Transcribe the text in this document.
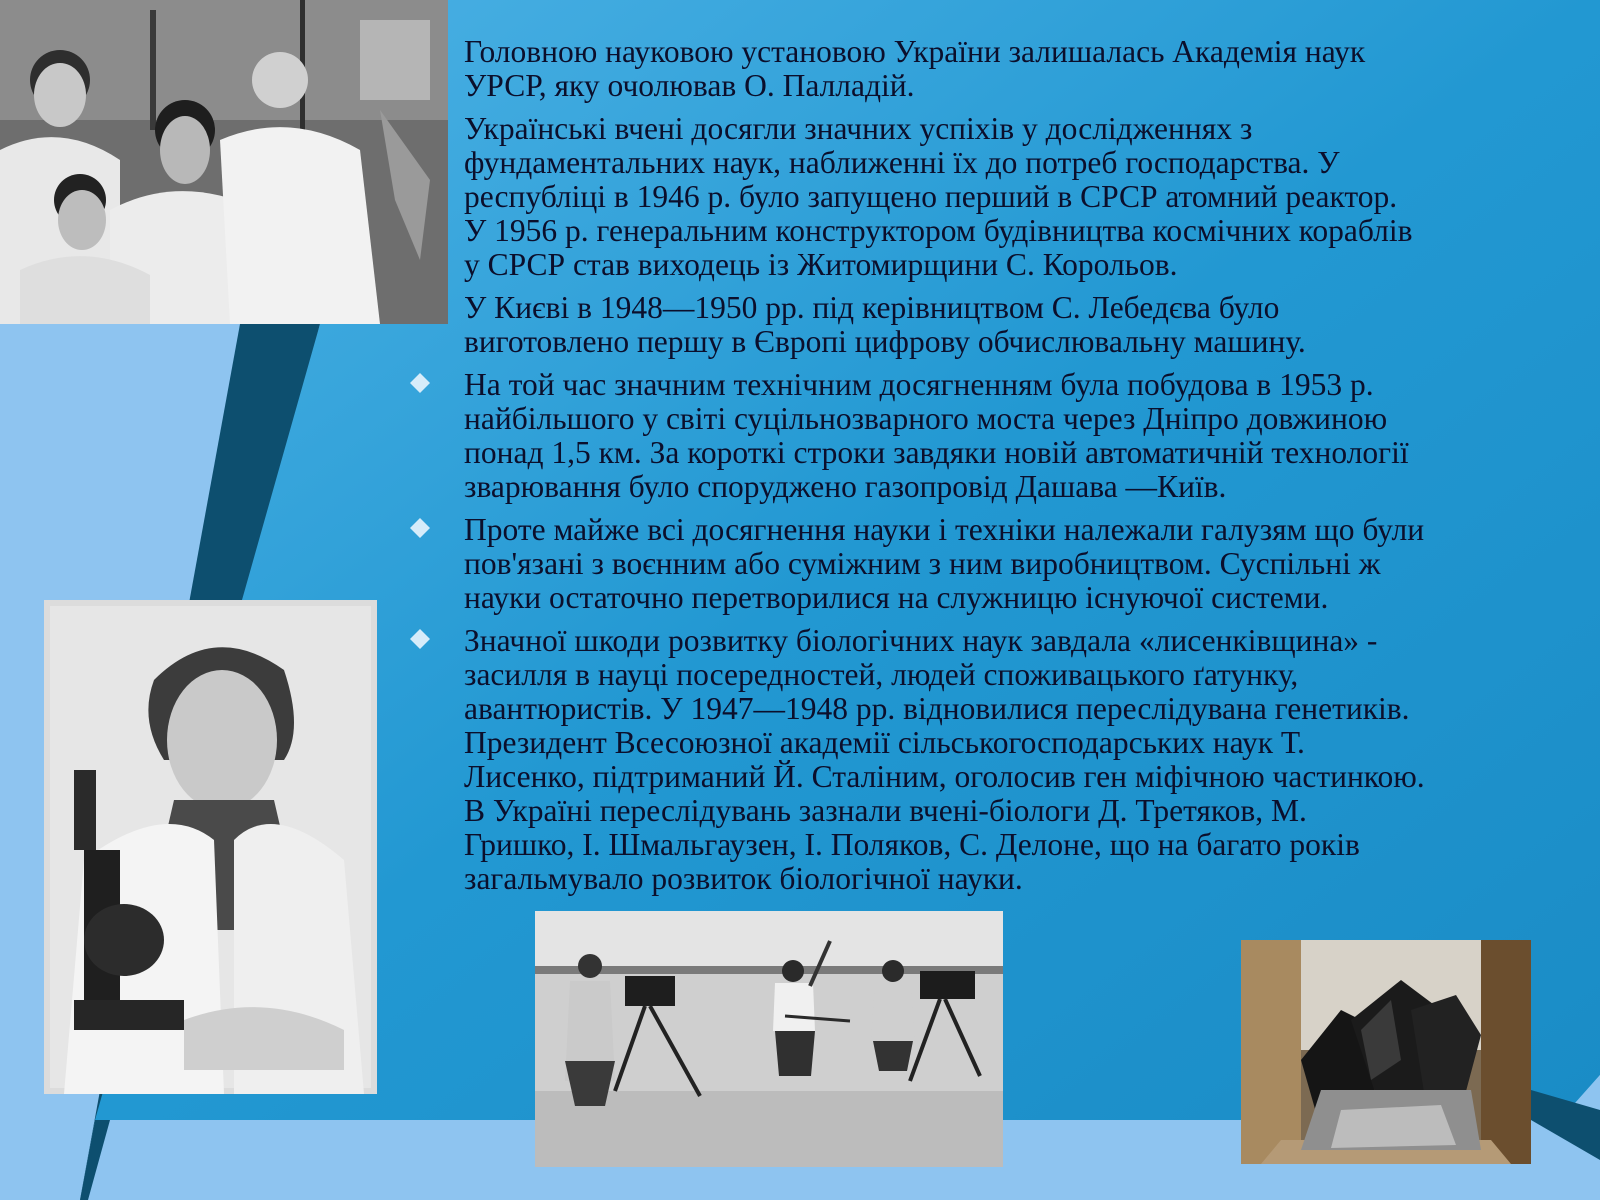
Головною науковою установою України залишалась Академія наук
УРСР, яку очолював О. Палладій.
Українські вчені досягли значних успіхів у дослідженнях з
фундаментальних наук, наближенні їх до потреб господарства. У
республіці в 1946 р. було запущено перший в СРСР атомний реактор.
У 1956 р. генеральним конструктором будівництва космічних кораблів
у СРСР став виходець із Житомирщини С. Корольов.
У Києві в 1948—1950 рр. під керівництвом С. Лебедєва було
виготовлено першу в Європі цифрову обчислювальну машину.
На той час значним технічним досягненням була побудова в 1953 р.
найбільшого у світі суцільнозварного моста через Дніпро довжиною
понад 1,5 км. За короткі строки завдяки новій автоматичній технології
зварювання було споруджено газопровід Дашава —Київ.
Проте майже всі досягнення науки і техніки належали галузям що були
пов'язані з воєнним або суміжним з ним виробництвом. Суспільні ж
науки остаточно перетворилися на служницю існуючої системи.
Значної шкоди розвитку біологічних наук завдала «лисенківщина» -
засилля в науці посередностей, людей споживацького ґатунку,
авантюристів. У 1947—1948 рр. відновилися переслідувана генетиків.
Президент Всесоюзної академії сільськогосподарських наук Т.
Лисенко, підтриманий Й. Сталіним, оголосив ген міфічною частинкою.
В Україні переслідувань зазнали вчені-біологи Д. Третяков, М.
Гришко, І. Шмальгаузен, І. Поляков, С. Делоне, що на багато років
загальмувало розвиток біологічної науки.
